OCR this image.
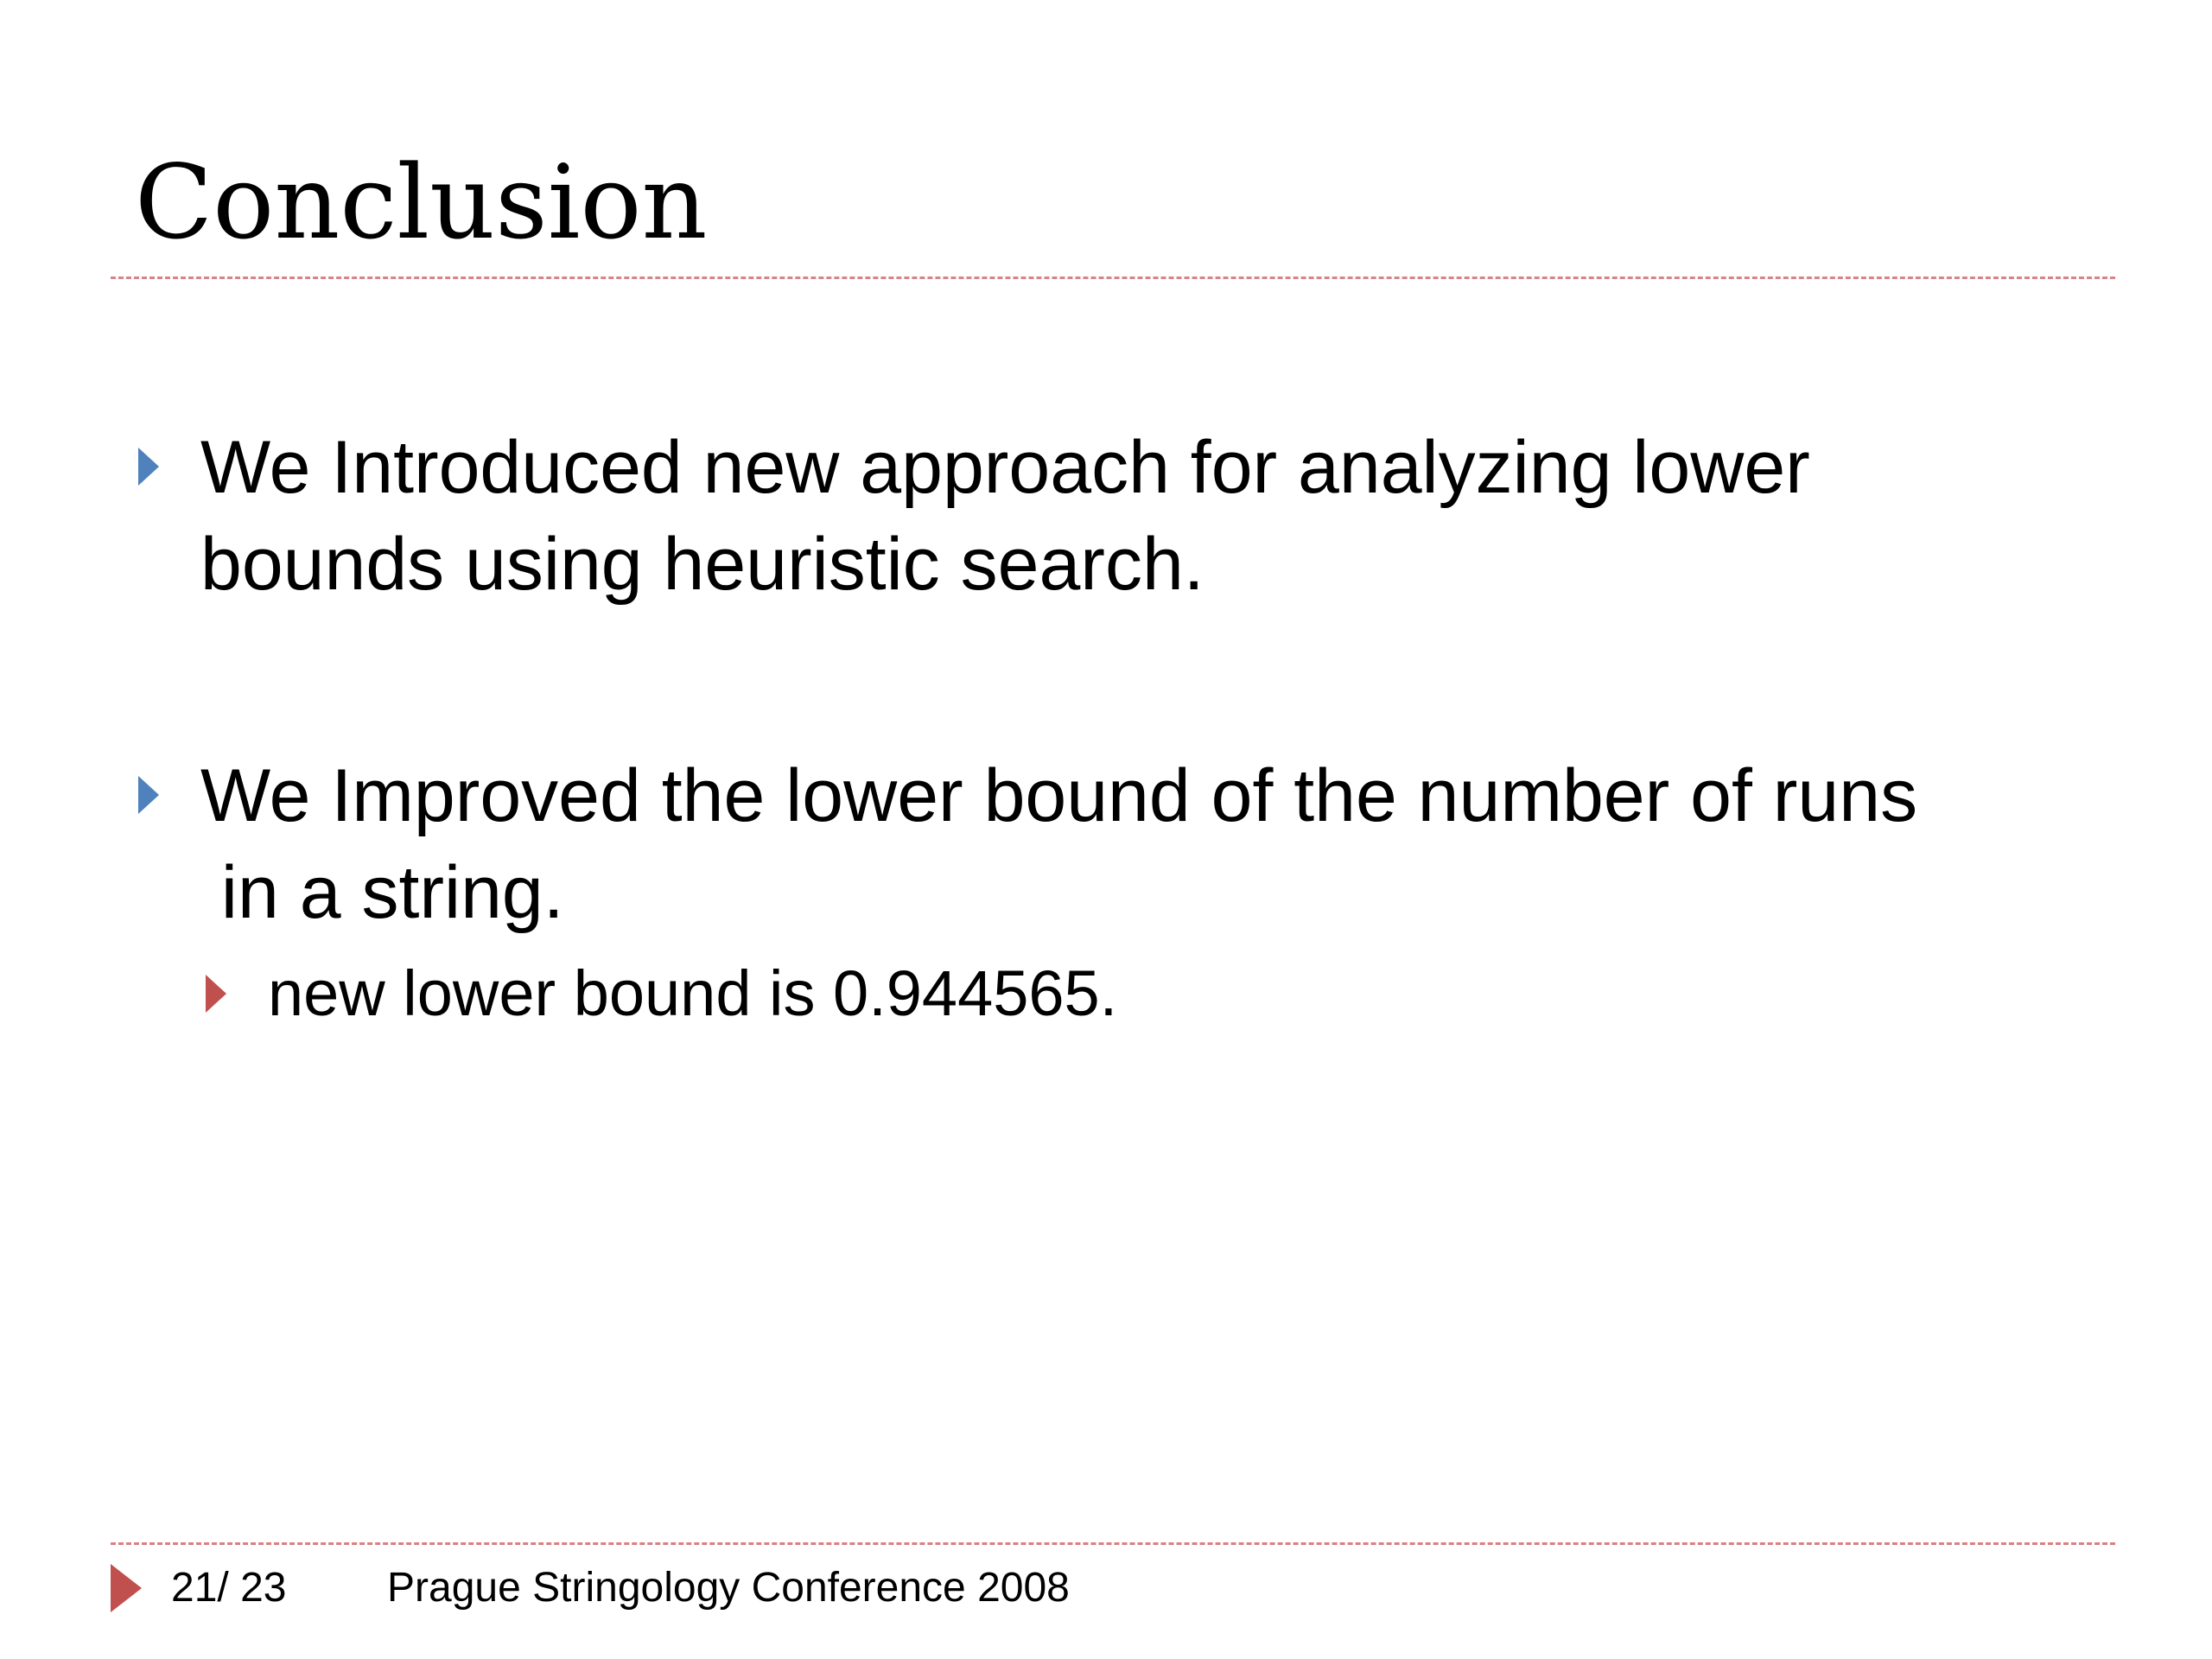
Conclusion
We Introduced new approach for analyzing lower
bounds using heuristic search.
We Improved the lower bound of the number of runs
in a string.
new lower bound is 0.944565.
21/ 23 Prague Stringology Conference 2008
